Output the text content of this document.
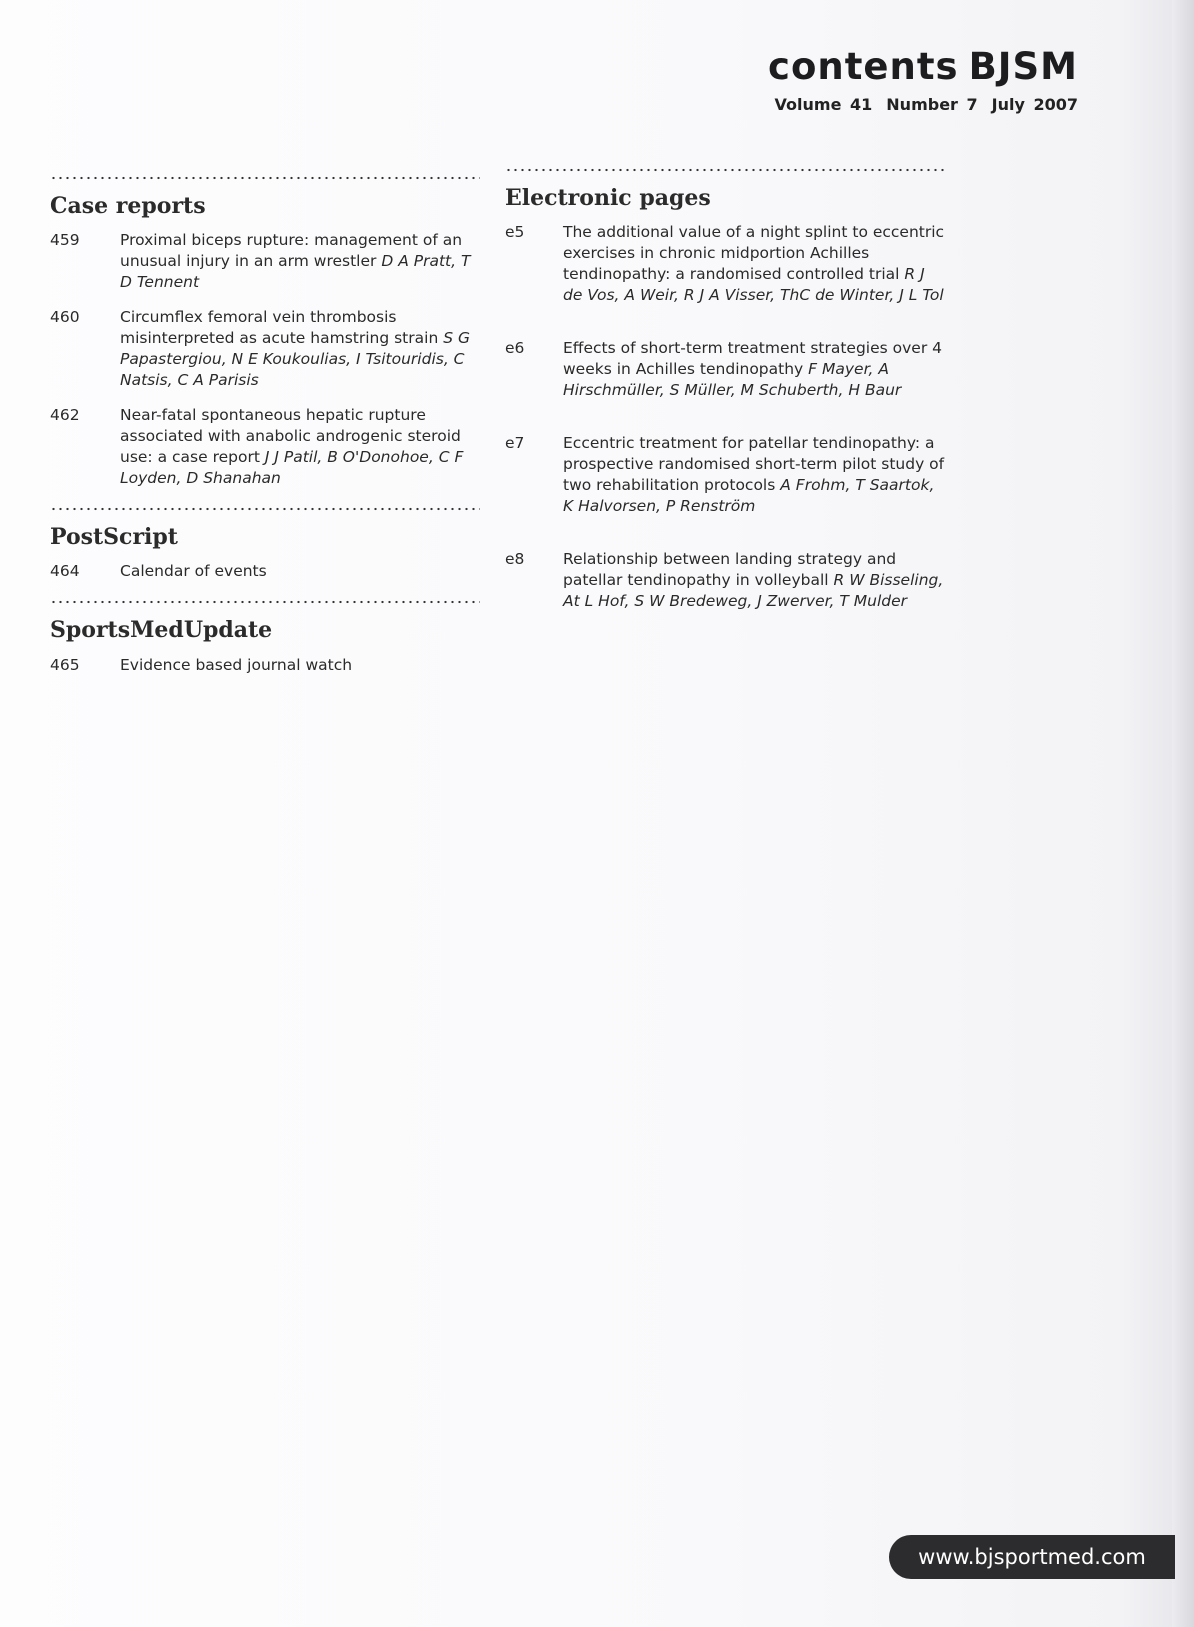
contents BJSM
Volume 41 Number 7 July 2007
Case reports
459	Proximal biceps rupture: management of an unusual injury in an arm wrestler D A Pratt, T D Tennent
460	Circumflex femoral vein thrombosis misinterpreted as acute hamstring strain S G Papastergiou, N E Koukoulias, I Tsitouridis, C Natsis, C A Parisis
462	Near-fatal spontaneous hepatic rupture associated with anabolic androgenic steroid use: a case report J J Patil, B O'Donohoe, C F Loyden, D Shanahan
PostScript
464	Calendar of events
SportsMedUpdate
465	Evidence based journal watch
Electronic pages
e5	The additional value of a night splint to eccentric exercises in chronic midportion Achilles tendinopathy: a randomised controlled trial R J de Vos, A Weir, R J A Visser, ThC de Winter, J L Tol
e6	Effects of short-term treatment strategies over 4 weeks in Achilles tendinopathy F Mayer, A Hirschmüller, S Müller, M Schuberth, H Baur
e7	Eccentric treatment for patellar tendinopathy: a prospective randomised short-term pilot study of two rehabilitation protocols A Frohm, T Saartok, K Halvorsen, P Renström
e8	Relationship between landing strategy and patellar tendinopathy in volleyball R W Bisseling, At L Hof, S W Bredeweg, J Zwerver, T Mulder
www.bjsportmed.com
